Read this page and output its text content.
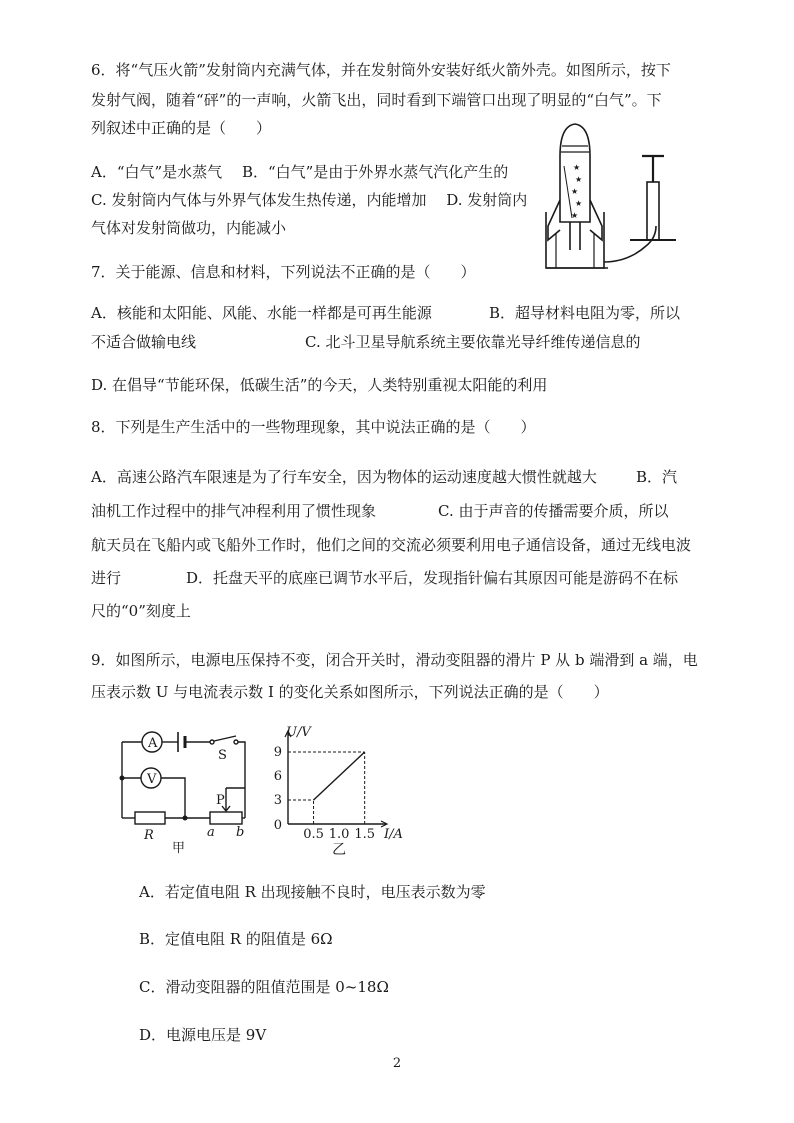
6．将“气压火箭”发射筒内充满气体，并在发射筒外安装好纸火箭外壳。如图所示，按下
发射气阀，随着“砰”的一声响，火箭飞出，同时看到下端管口出现了明显的“白气”。下
列叙述中正确的是（　　）
A．“白气”是水蒸气　 B．“白气”是由于外界水蒸气汽化产生的
C. 发射筒内气体与外界气体发生热传递，内能增加　 D. 发射筒内
气体对发射筒做功，内能减小
★
★
★
★
★
7．关于能源、信息和材料，下列说法不正确的是（　　）
A．核能和太阳能、风能、水能一样都是可再生能源	B．超导材料电阻为零，所以
不适合做输电线	C. 北斗卫星导航系统主要依靠光导纤维传递信息的
D. 在倡导“节能环保，低碳生活”的今天，人类特别重视太阳能的利用
8．下列是生产生活中的一些物理现象，其中说法正确的是（　　）
A．高速公路汽车限速是为了行车安全，因为物体的运动速度越大惯性就越大	B．汽
油机工作过程中的排气冲程利用了惯性现象	C. 由于声音的传播需要介质，所以
航天员在飞船内或飞船外工作时，他们之间的交流必须要利用电子通信设备，通过无线电波
进行	D．托盘天平的底座已调节水平后，发现指针偏右其原因可能是游码不在标
尺的“0”刻度上
9．如图所示，电源电压保持不变，闭合开关时，滑动变阻器的滑片 P 从 b 端滑到 a 端，电
压表示数 U 与电流表示数 I 的变化关系如图所示，下列说法正确的是（　　）
A
V
S
P
R	a b
甲
0.5 1.0 1.5
3
6
9
0
I/A
U/V
乙
A．若定值电阻 R 出现接触不良时，电压表示数为零
B．定值电阻 R 的阻值是 6Ω
C．滑动变阻器的阻值范围是 0~18Ω
D．电源电压是 9V
2
